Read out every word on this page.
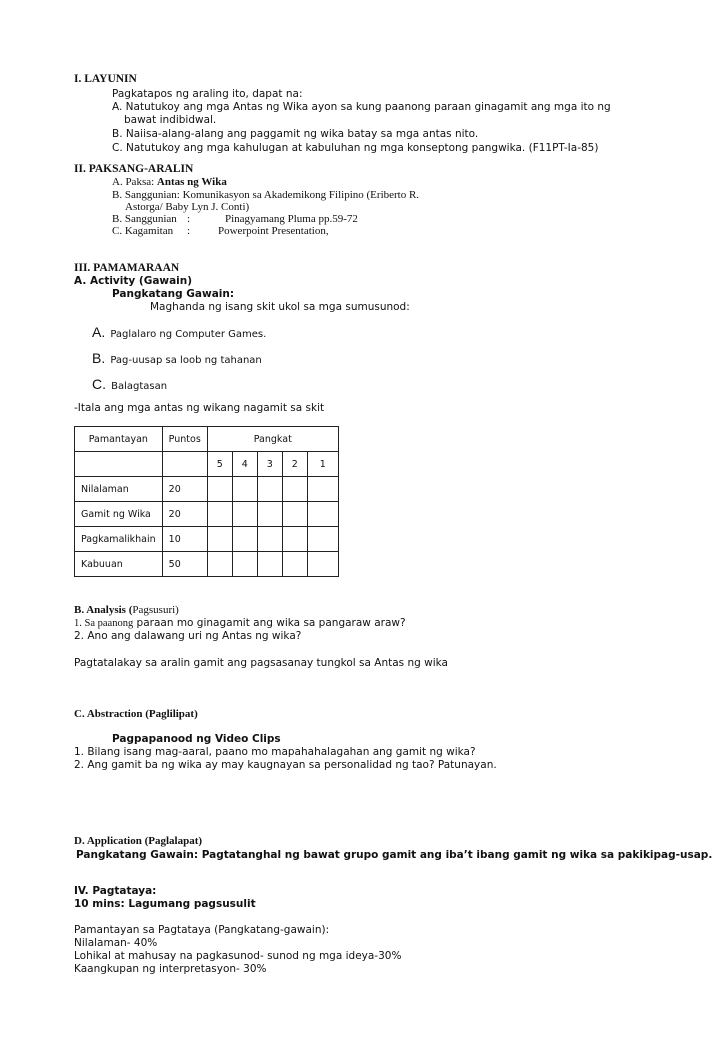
I. LAYUNIN
Pagkatapos ng araling ito, dapat na:
A. Natutukoy ang mga Antas ng Wika ayon sa kung paanong paraan ginagamit ang mga ito ng
bawat indibidwal.
B. Naiisa-alang-alang ang paggamit ng wika batay sa mga antas nito.
C. Natutukoy ang mga kahulugan at kabuluhan ng mga konseptong pangwika. (F11PT-Ia-85)
II. PAKSANG-ARALIN
A. Paksa: Antas ng Wika
B. Sanggunian: Komunikasyon sa Akademikong Filipino (Eriberto R.
Astorga/ Baby Lyn J. Conti)
B. Sanggunian :	Pinagyamang Pluma pp.59-72
C. Kagamitan :	Powerpoint Presentation,
III. PAMAMARAAN
A. Activity (Gawain)
Pangkatang Gawain:
Maghanda ng isang skit ukol sa mga sumusunod:
A. Paglalaro ng Computer Games.
B. Pag-uusap sa loob ng tahanan
C. Balagtasan
-Itala ang mga antas ng wikang nagamit sa skit
Pamantayan	Puntos	Pangkat				
		5	4	3	2	1
Nilalaman	20					
Gamit ng Wika	20					
Pagkamalikhain	10					
Kabuuan	50					
B. Analysis (Pagsusuri)
1. Sa paanong paraan mo ginagamit ang wika sa pangaraw araw?
2. Ano ang dalawang uri ng Antas ng wika?
Pagtatalakay sa aralin gamit ang pagsasanay tungkol sa Antas ng wika
C. Abstraction (Paglilipat)
Pagpapanood ng Video Clips
1. Bilang isang mag-aaral, paano mo mapahahalagahan ang gamit ng wika?
2. Ang gamit ba ng wika ay may kaugnayan sa personalidad ng tao? Patunayan.
D. Application (Paglalapat)
Pangkatang Gawain: Pagtatanghal ng bawat grupo gamit ang iba’t ibang gamit ng wika sa pakikipag-usap.
IV. Pagtataya:
10 mins: Lagumang pagsusulit
Pamantayan sa Pagtataya (Pangkatang-gawain):
Nilalaman- 40%
Lohikal at mahusay na pagkasunod- sunod ng mga ideya-30%
Kaangkupan ng interpretasyon- 30%
